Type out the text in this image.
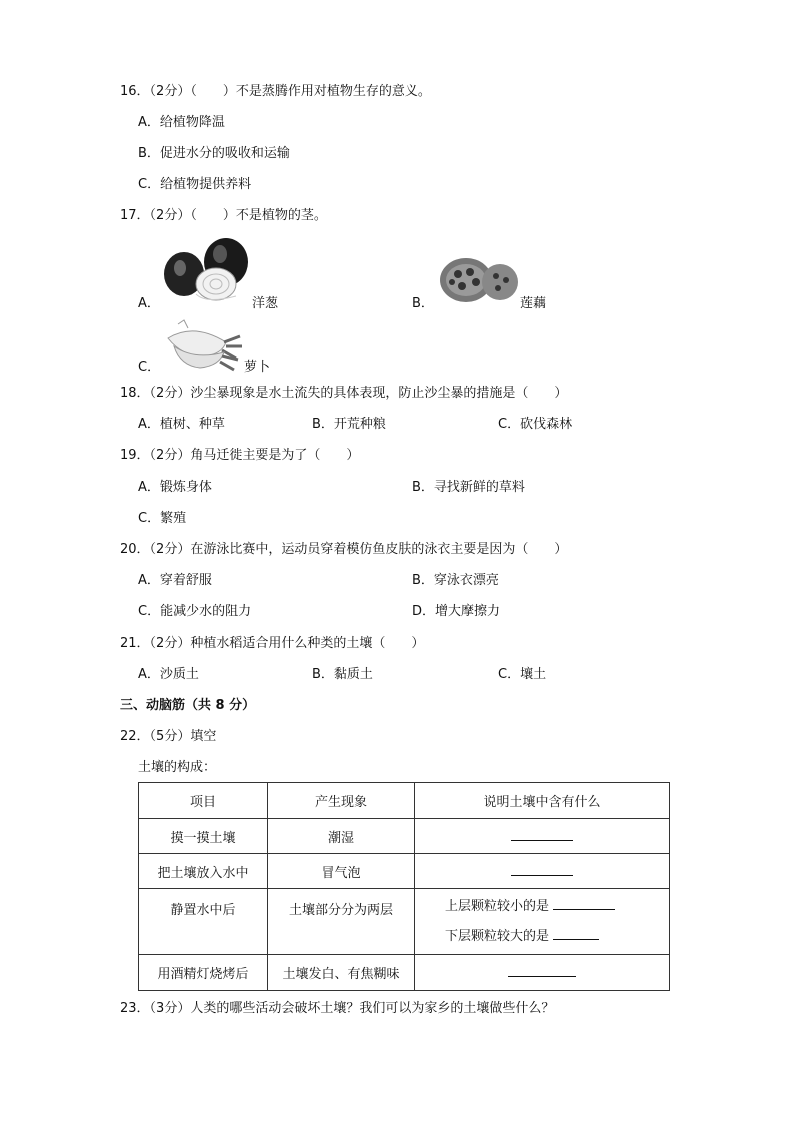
16．（2分）（　　）不是蒸腾作用对植物生存的意义。
A．给植物降温
B．促进水分的吸收和运输
C．给植物提供养料
17．（2分）（　　）不是植物的茎。
A．	洋葱	B．	莲藕
C．	萝卜
18．（2分）沙尘暴现象是水土流失的具体表现，防止沙尘暴的措施是（　　）
A．植树、种草	B．开荒种粮	C．砍伐森林
19．（2分）角马迁徙主要是为了（　　）
A．锻炼身体	B．寻找新鲜的草料
C．繁殖
20．（2分）在游泳比赛中，运动员穿着模仿鱼皮肤的泳衣主要是因为（　　）
A．穿着舒服	B．穿泳衣漂亮
C．能减少水的阻力	D．增大摩擦力
21．（2分）种植水稻适合用什么种类的土壤（　　）
A．沙质土	B．黏质土	C．壤土
三、动脑筋（共 8 分）
22．（5分）填空
土壤的构成：
项目	产生现象	说明土壤中含有什么
摸一摸土壤	潮湿	
把土壤放入水中	冒气泡	
静置水中后	土壤部分分为两层	上层颗粒较小的是
下层颗粒较大的是

用酒精灯烧烤后	土壤发白、有焦糊味	
23．（3分）人类的哪些活动会破坏土壤？我们可以为家乡的土壤做些什么？
